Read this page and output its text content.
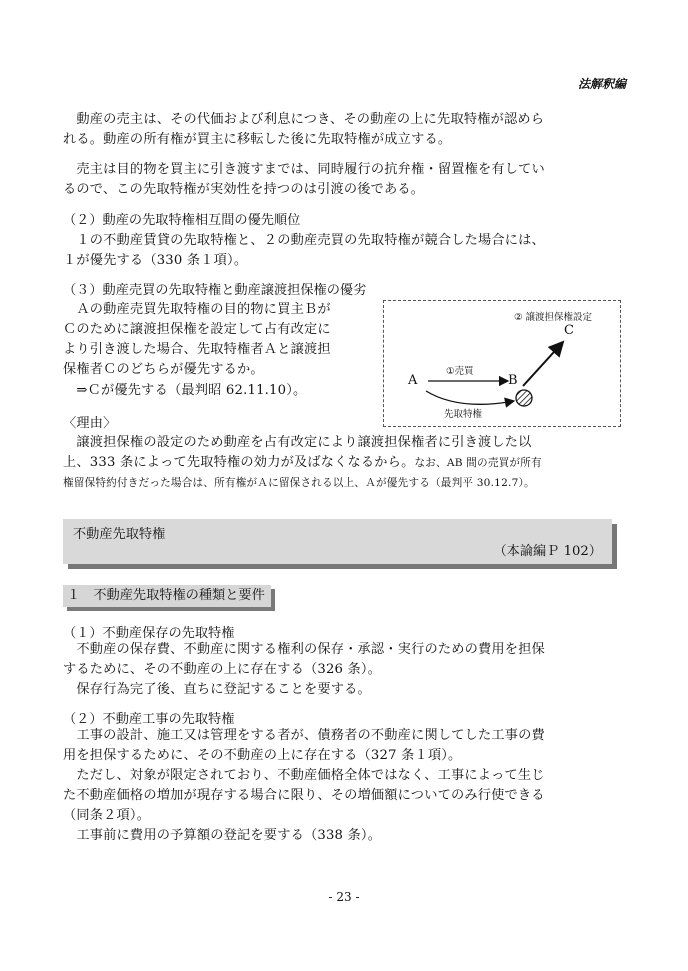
法解釈編
　動産の売主は、その代価および利息につき、その動産の上に先取特権が認めら
れる。動産の所有権が買主に移転した後に先取特権が成立する。
　売主は目的物を買主に引き渡すまでは、同時履行の抗弁権・留置権を有してい
るので、この先取特権が実効性を持つのは引渡の後である。
（２）動産の先取特権相互間の優先順位
　１の不動産賃貸の先取特権と、２の動産売買の先取特権が競合した場合には、
１が優先する（330 条１項）。
（３）動産売買の先取特権と動産譲渡担保権の優劣
　Ａの動産売買先取特権の目的物に買主Ｂが
Ｃのために譲渡担保権を設定して占有改定に
より引き渡した場合、先取特権者Ａと譲渡担
保権者Ｃのどちらが優先するか。
　⇒Ｃが優先する（最判昭 62.11.10）。
② 譲渡担保権設定
C
①売買
A	B
先取特権
〈理由〉
　譲渡担保権の設定のため動産を占有改定により譲渡担保権者に引き渡した以
上、333 条によって先取特権の効力が及ばなくなるから。なお、AB 間の売買が所有
権留保特約付きだった場合は、所有権がＡに留保される以上、Ａが優先する（最判平 30.12.7）。
不動産先取特権
（本論編Ｐ 102）
１　不動産先取特権の種類と要件
（１）不動産保存の先取特権
　不動産の保存費、不動産に関する権利の保存・承認・実行のための費用を担保
するために、その不動産の上に存在する（326 条）。
　保存行為完了後、直ちに登記することを要する。
（２）不動産工事の先取特権
　工事の設計、施工又は管理をする者が、債務者の不動産に関してした工事の費
用を担保するために、その不動産の上に存在する（327 条１項）。
　ただし、対象が限定されており、不動産価格全体ではなく、工事によって生じ
た不動産価格の増加が現存する場合に限り、その増価額についてのみ行使できる
（同条２項）。
　工事前に費用の予算額の登記を要する（338 条）。
- 23 -
